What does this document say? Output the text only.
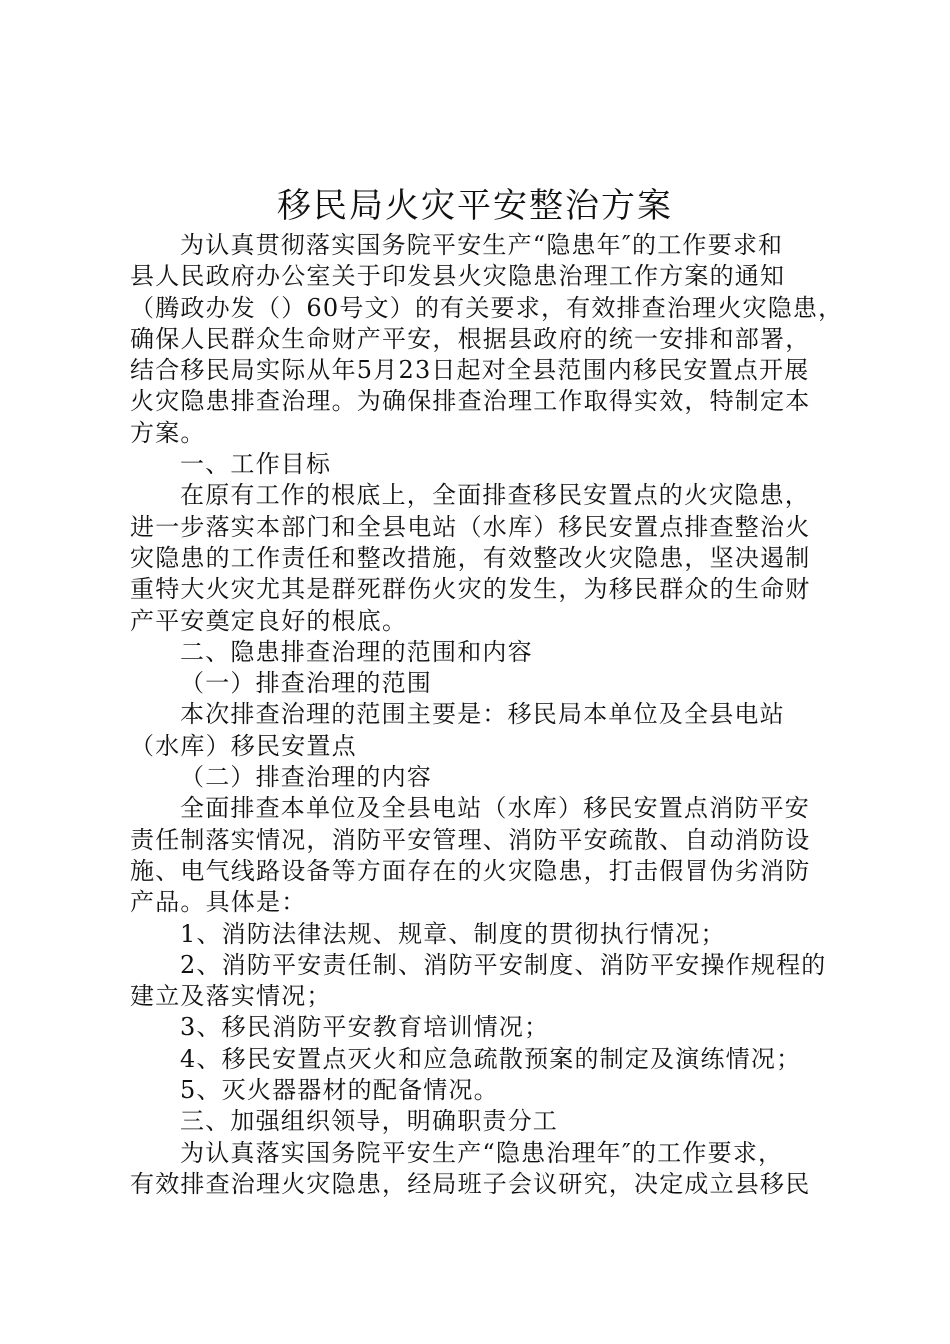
移民局火灾平安整治方案
为认真贯彻落实国务院平安生产“隐患年″的工作要求和
县人民政府办公室关于印发县火灾隐患治理工作方案的通知
（腾政办发（）60号文）的有关要求，有效排查治理火灾隐患，
确保人民群众生命财产平安，根据县政府的统一安排和部署，
结合移民局实际从年5月23日起对全县范围内移民安置点开展
火灾隐患排查治理。为确保排查治理工作取得实效，特制定本
方案。
一、工作目标
在原有工作的根底上，全面排查移民安置点的火灾隐患，
进一步落实本部门和全县电站（水库）移民安置点排查整治火
灾隐患的工作责任和整改措施，有效整改火灾隐患，坚决遏制
重特大火灾尤其是群死群伤火灾的发生，为移民群众的生命财
产平安奠定良好的根底。
二、隐患排查治理的范围和内容
（一）排查治理的范围
本次排查治理的范围主要是：移民局本单位及全县电站
（水库）移民安置点
（二）排查治理的内容
全面排查本单位及全县电站（水库）移民安置点消防平安
责任制落实情况，消防平安管理、消防平安疏散、自动消防设
施、电气线路设备等方面存在的火灾隐患，打击假冒伪劣消防
产品。具体是：
1、消防法律法规、规章、制度的贯彻执行情况；
2、消防平安责任制、消防平安制度、消防平安操作规程的
建立及落实情况；
3、移民消防平安教育培训情况；
4、移民安置点灭火和应急疏散预案的制定及演练情况；
5、灭火器器材的配备情况。
三、加强组织领导，明确职责分工
为认真落实国务院平安生产“隐患治理年″的工作要求，
有效排查治理火灾隐患，经局班子会议研究，决定成立县移民
